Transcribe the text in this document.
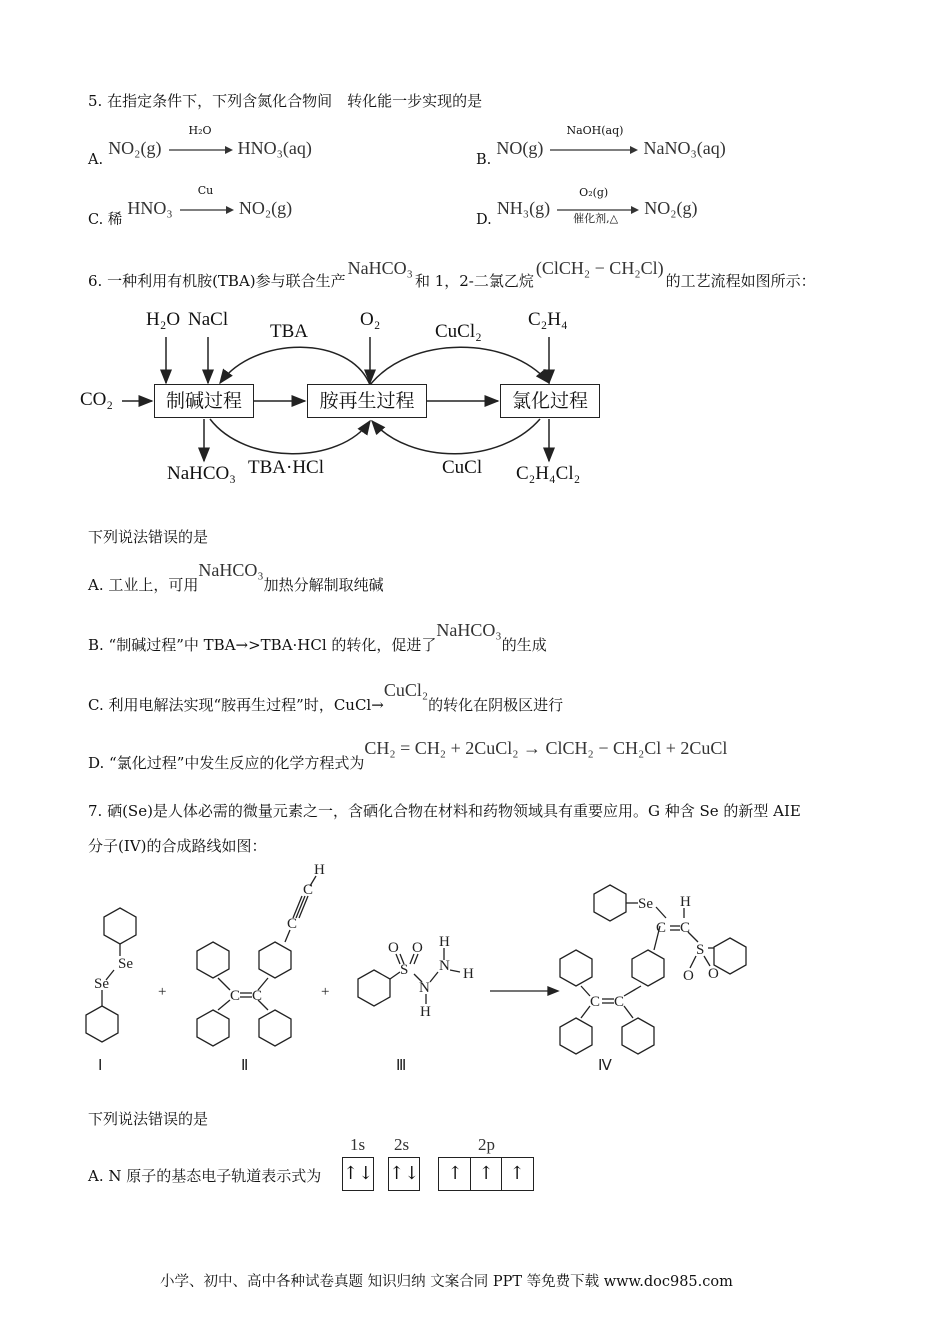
5. 在指定条件下，下列含氮化合物间　转化能一步实现的是
A. NO₂(g)
H₂O
HNO₃(aq)
B. NO(g)
NaOH(aq)
NaNO₃(aq)
C. 稀 HNO₃
Cu
NO₂(g)
D. NH₃(g)
O₂(g)
催化剂,△
NO₂(g)
6. 一种利用有机胺(TBA)参与联合生产NaHCO₃和 1，2-二氯乙烷(ClCH₂ − CH₂Cl)的工艺流程如图所示：
制碱过程	胺再生过程	氯化过程
CO₂
H₂O NaCl
TBA
O₂
CuCl₂
C₂H₄
NaHCO₃ TBA·HCl	CuCl C₂H₄Cl₂
下列说法错误的是
A. 工业上，可用NaHCO₃加热分解制取纯碱
B. “制碱过程”中 TBA→>TBA·HCl 的转化，促进了NaHCO₃的生成
C. 利用电解法实现“胺再生过程”时，CuCl→CuCl₂的转化在阴极区进行
D. “氯化过程”中发生反应的化学方程式为CH₂ = CH₂ + 2CuCl₂ → ClCH₂ − CH₂Cl + 2CuCl
7. 硒(Se)是人体必需的微量元素之一，含硒化合物在材料和药物领域具有重要应用。G 种含 Se 的新型 AIE
分子(IV)的合成路线如图：
Se
Se
C C
C
C
H
S
O O
N
N
H
H
H
Se H
C C
S
O O
C C
+	+
Ⅰ	Ⅱ	Ⅲ	Ⅳ
下列说法错误的是
A. N 原子的基态电子轨道表示式为
1s 2s	2p
↑↓ ↑↓	↑ ↑ ↑
小学、初中、高中各种试卷真题 知识归纳 文案合同 PPT 等免费下载 www.doc985.com
